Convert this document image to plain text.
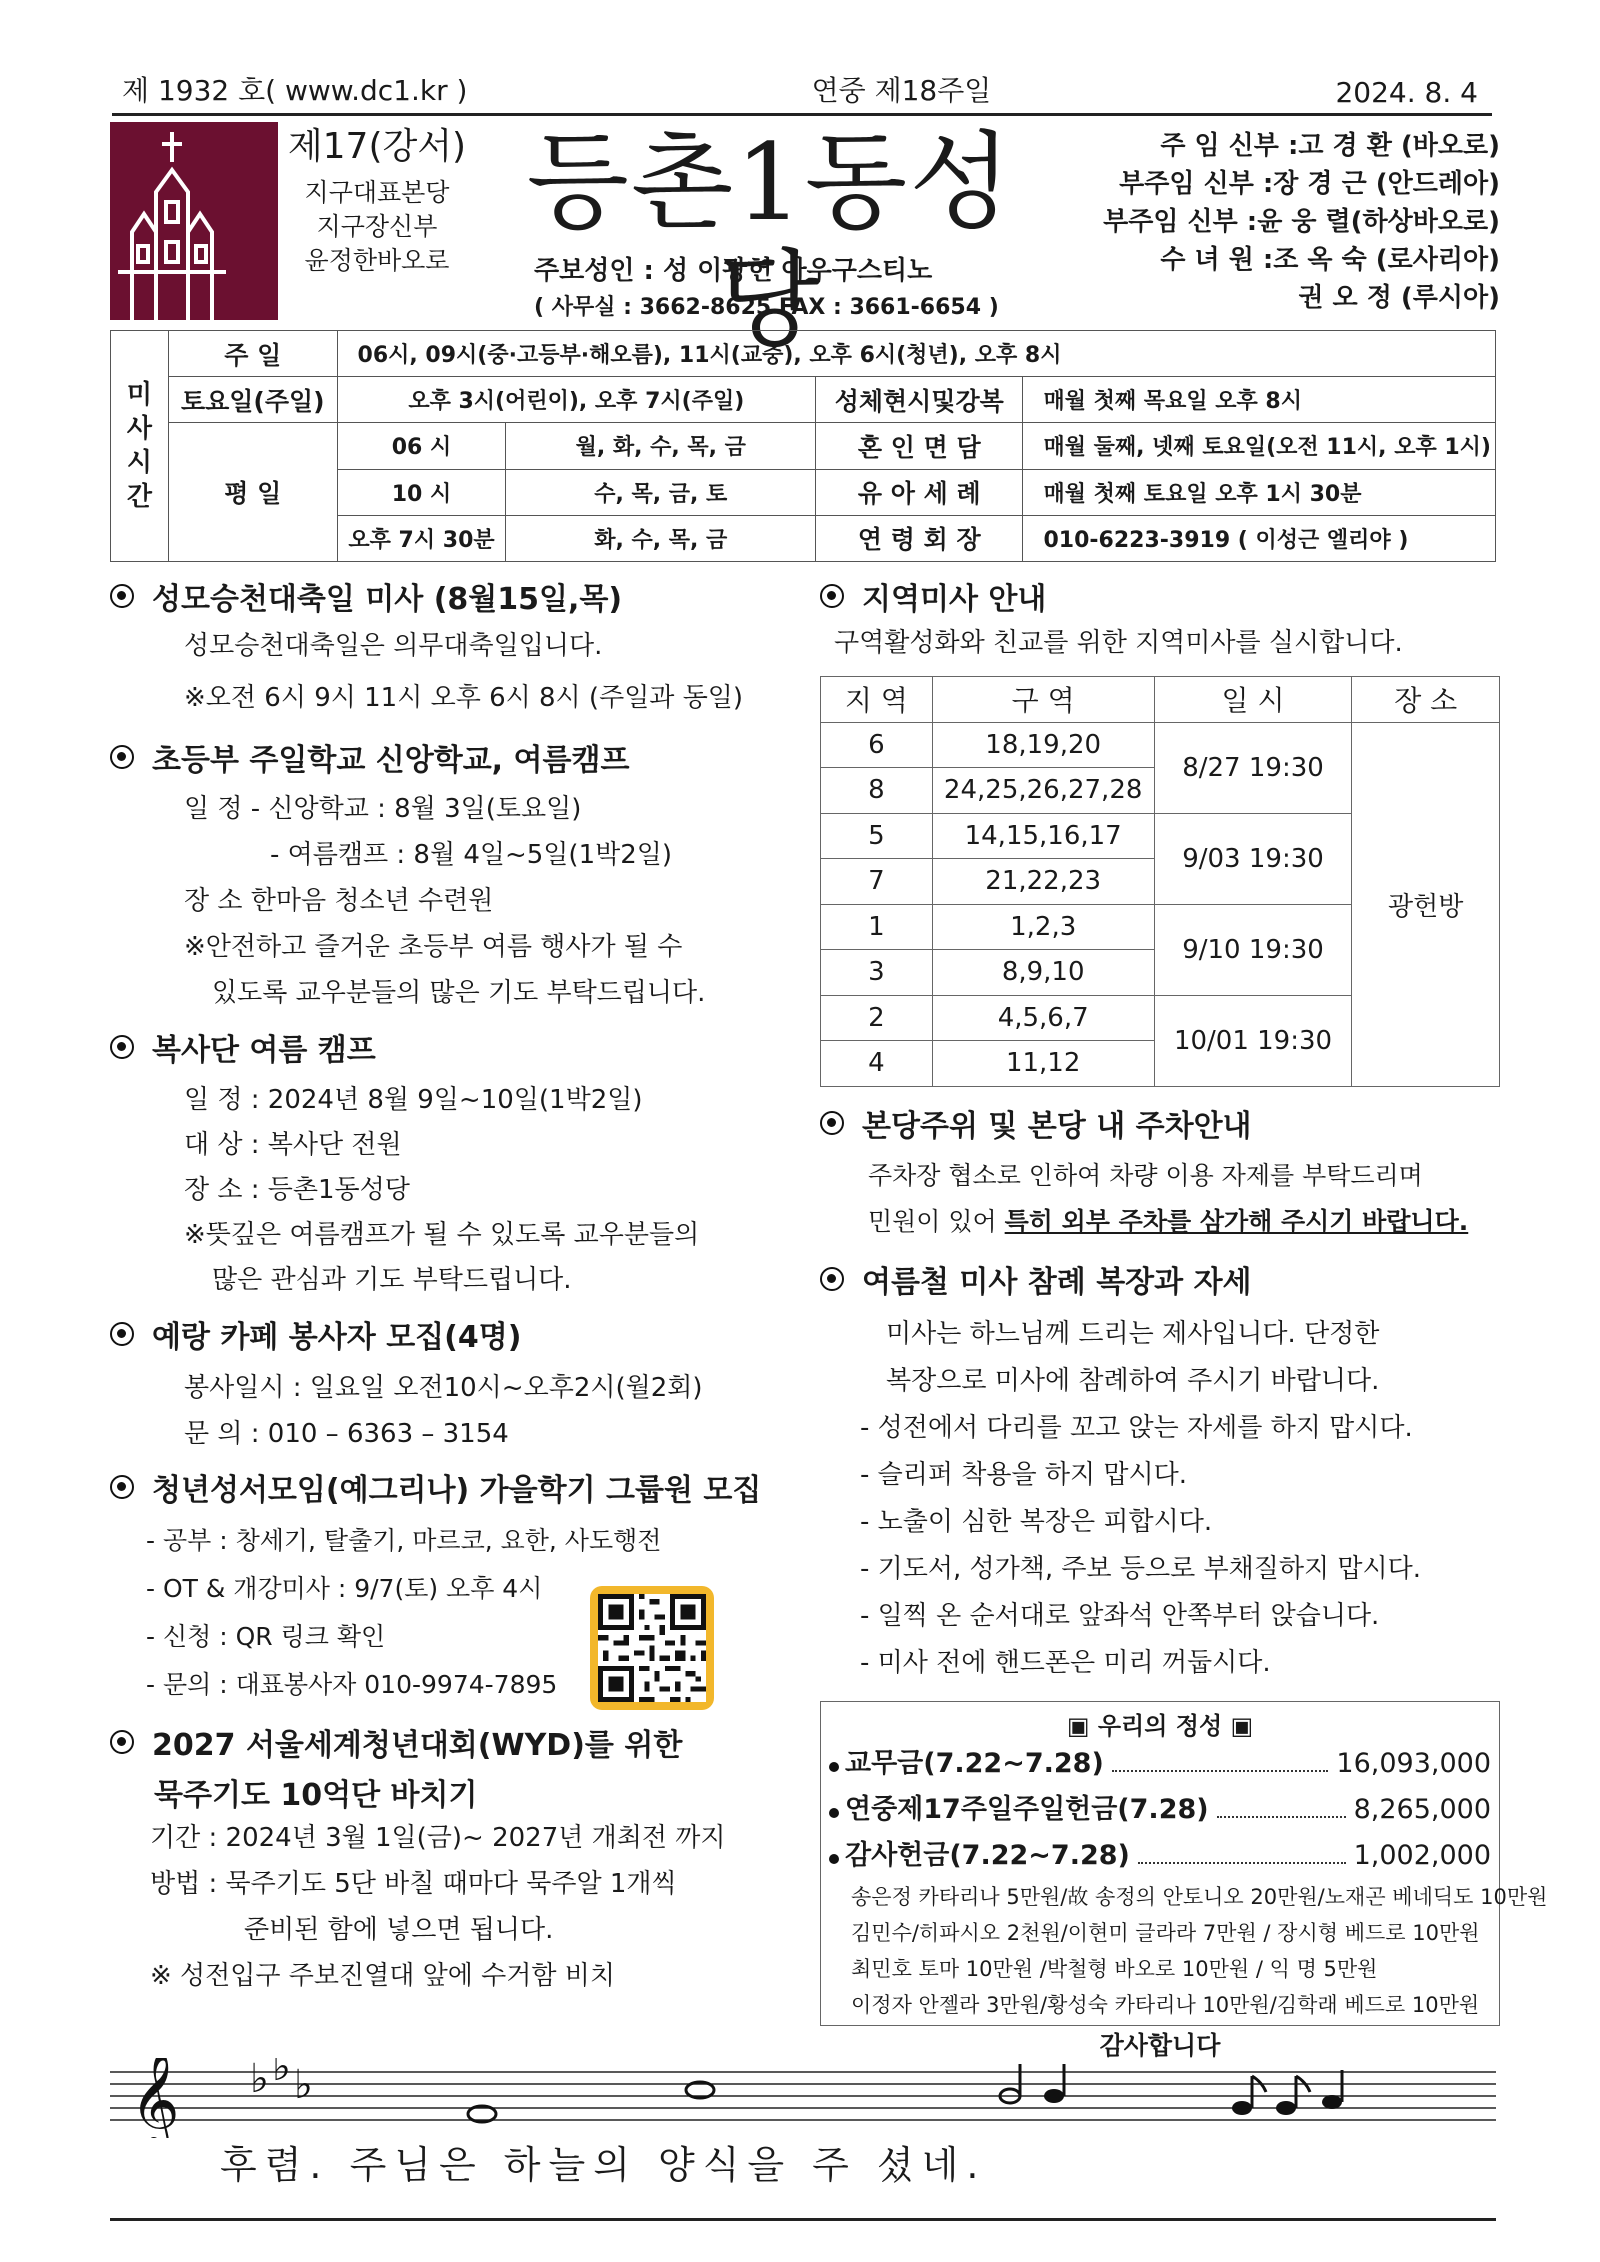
제 1932 호( www.dc1.kr )	연중 제18주일	2024. 8. 4
제17(강서)
지구대표본당
지구장신부
윤정한바오로
등촌1동성당
주보성인 : 성 이광헌 아우구스티노
( 사무실 : 3662-8625 FAX : 3661-6654 )
주 임 신부 : 고 경 환 (바오로)
부주임 신부 : 장 경 근 (안드레아)
부주임 신부 : 윤 웅 렬(하상바오로)
수 녀 원 : 조 옥 숙 (로사리아)
권 오 정 (루시아)
미
사
시
간	주 일	06시, 09시(중·고등부·해오름), 11시(교중), 오후 6시(청년), 오후 8시			
	토요일(주일)	오후 3시(어린이), 오후 7시(주일)		성체현시및강복	매월 첫째 목요일 오후 8시
	평 일	06 시	월, 화, 수, 목, 금	혼 인 면 담	매월 둘째, 넷째 토요일(오전 11시, 오후 1시)
		10 시	수, 목, 금, 토	유 아 세 례	매월 첫째 토요일 오후 1시 30분
		오후 7시 30분	화, 수, 목, 금	연 령 회 장	010-6223-3919 ( 이성근 엘리야 )
성모승천대축일 미사 (8월15일,목)
성모승천대축일은 의무대축일입니다.
※오전 6시 9시 11시 오후 6시 8시 (주일과 동일)
초등부 주일학교 신앙학교, 여름캠프
일 정 - 신앙학교 : 8월 3일(토요일)
- 여름캠프 : 8월 4일~5일(1박2일)
장 소 한마음 청소년 수련원
※안전하고 즐거운 초등부 여름 행사가 될 수
있도록 교우분들의 많은 기도 부탁드립니다.
복사단 여름 캠프
일 정 : 2024년 8월 9일~10일(1박2일)
대 상 : 복사단 전원
장 소 : 등촌1동성당
※뜻깊은 여름캠프가 될 수 있도록 교우분들의
많은 관심과 기도 부탁드립니다.
예랑 카페 봉사자 모집(4명)
봉사일시 : 일요일 오전10시~오후2시(월2회)
문 의 : 010 – 6363 – 3154
청년성서모임(예그리나) 가을학기 그룹원 모집
- 공부 : 창세기, 탈출기, 마르코, 요한, 사도행전
- OT & 개강미사 : 9/7(토) 오후 4시
- 신청 : QR 링크 확인
- 문의 : 대표봉사자 010-9974-7895
2027 서울세계청년대회(WYD)를 위한
묵주기도 10억단 바치기
기간 : 2024년 3월 1일(금)~ 2027년 개최전 까지
방법 : 묵주기도 5단 바칠 때마다 묵주알 1개씩
준비된 함에 넣으면 됩니다.
※ 성전입구 주보진열대 앞에 수거함 비치
지역미사 안내
구역활성화와 친교를 위한 지역미사를 실시합니다.
지 역	구 역	일 시	장 소
6	18,19,20	8/27 19:30	광헌방
8	24,25,26,27,28		
5	14,15,16,17	9/03 19:30	
7	21,22,23		
1	1,2,3	9/10 19:30	
3	8,9,10		
2	4,5,6,7	10/01 19:30	
4	11,12		
본당주위 및 본당 내 주차안내
주차장 협소로 인하여 차량 이용 자제를 부탁드리며
민원이 있어 특히 외부 주차를 삼가해 주시기 바랍니다.
여름철 미사 참례 복장과 자세
미사는 하느님께 드리는 제사입니다. 단정한
복장으로 미사에 참례하여 주시기 바랍니다.
- 성전에서 다리를 꼬고 앉는 자세를 하지 맙시다.
- 슬리퍼 착용을 하지 맙시다.
- 노출이 심한 복장은 피합시다.
- 기도서, 성가책, 주보 등으로 부채질하지 맙시다.
- 일찍 온 순서대로 앞좌석 안쪽부터 앉습니다.
- 미사 전에 핸드폰은 미리 꺼둡시다.
▣ 우리의 정성 ▣
교무금(7.22~7.28)	16,093,000
연중제17주일주일헌금(7.28)	8,265,000
감사헌금(7.22~7.28)	1,002,000
송은정 카타리나 5만원/故 송정의 안토니오 20만원/노재곤 베네딕도 10만원
김민수/히파시오 2천원/이현미 글라라 7만원 / 장시형 베드로 10만원
최민호 토마 10만원 /박철형 바오로 10만원 / 익 명 5만원
이정자 안젤라 3만원/황성숙 카타리나 10만원/김학래 베드로 10만원
감사합니다
𝄞 ♭ ♭ ♭
후렴. 주님은 하늘의 양식을 주 셨네.
